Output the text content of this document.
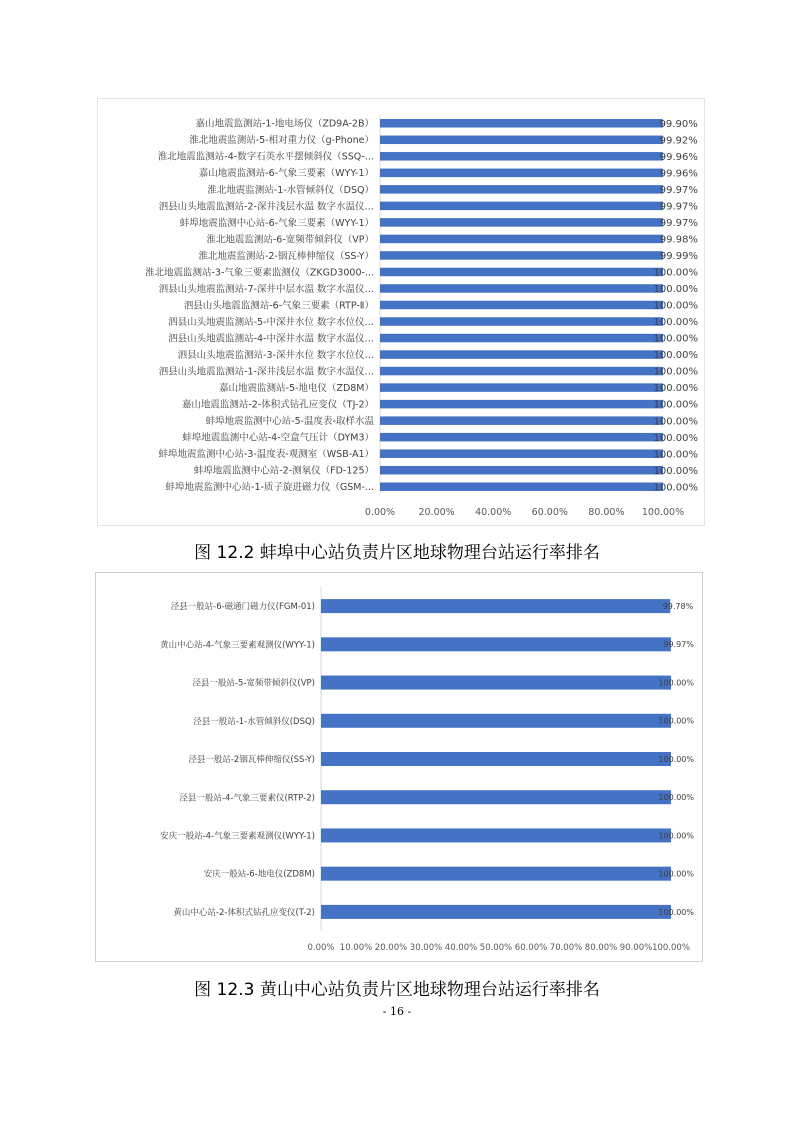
嘉山地震监测站-1-地电场仪（ZD9A-2B）	99.90%
淮北地震监测站-5-相对重力仪（g-Phone）	99.92%
淮北地震监测站-4-数字石英水平摆倾斜仪（SSQ-...	99.96%
嘉山地震监测站-6-气象三要素（WYY-1）	99.96%
淮北地震监测站-1-水管倾斜仪（DSQ）	99.97%
泗县山头地震监测站-2-深井浅层水温 数字水温仪…	99.97%
蚌埠地震监测中心站-6-气象三要素（WYY-1）	99.97%
淮北地震监测站-6-宽频带倾斜仪（VP）	99.98%
淮北地震监测站-2-铟瓦棒伸缩仪（SS-Y）	99.99%
淮北地震监测站-3-气象三要素监测仪（ZKGD3000-...	100.00%
泗县山头地震监测站-7-深井中层水温 数字水温仪…	100.00%
泗县山头地震监测站-6-气象三要素（RTP-Ⅱ）	100.00%
泗县山头地震监测站-5-中深井水位 数字水位仪…	100.00%
泗县山头地震监测站-4-中深井水温 数字水温仪…	100.00%
泗县山头地震监测站-3-深井水位 数字水位仪…	100.00%
泗县山头地震监测站-1-深井浅层水温 数字水温仪…	100.00%
嘉山地震监测站-5-地电仪（ZD8M）	100.00%
嘉山地震监测站-2-体积式钻孔应变仪（TJ-2）	100.00%
蚌埠地震监测中心站-5-温度表-取样水温	100.00%
蚌埠地震监测中心站-4-空盒气压计（DYM3）	100.00%
蚌埠地震监测中心站-3-温度表-观测室（WSB-A1）	100.00%
蚌埠地震监测中心站-2-测氡仪（FD-125）	100.00%
蚌埠地震监测中心站-1-质子旋进磁力仪（GSM-...	100.00%
0.00% 20.00% 40.00% 60.00% 80.00% 100.00%
图 12.2 蚌埠中心站负责片区地球物理台站运行率排名
泾县一般站-6-磁通门磁力仪(FGM-01)	99.78%
黄山中心站-4-气象三要素观测仪(WYY-1)	99.97%
泾县一般站-5-宽频带倾斜仪(VP)	100.00%
泾县一般站-1-水管倾斜仪(DSQ)	100.00%
泾县一般站-2铟瓦棒伸缩仪(SS-Y)	100.00%
泾县一般站-4-气象三要素仪(RTP-2)	100.00%
安庆一般站-4-气象三要素观测仪(WYY-1)	100.00%
安庆一般站-6-地电仪(ZD8M)	100.00%
黄山中心站-2-体积式钻孔应变仪(T-2)	100.00%
0.00% 10.00% 20.00% 30.00% 40.00% 50.00% 60.00% 70.00% 80.00% 90.00% 100.00%
图 12.3 黄山中心站负责片区地球物理台站运行率排名
- 16 -
